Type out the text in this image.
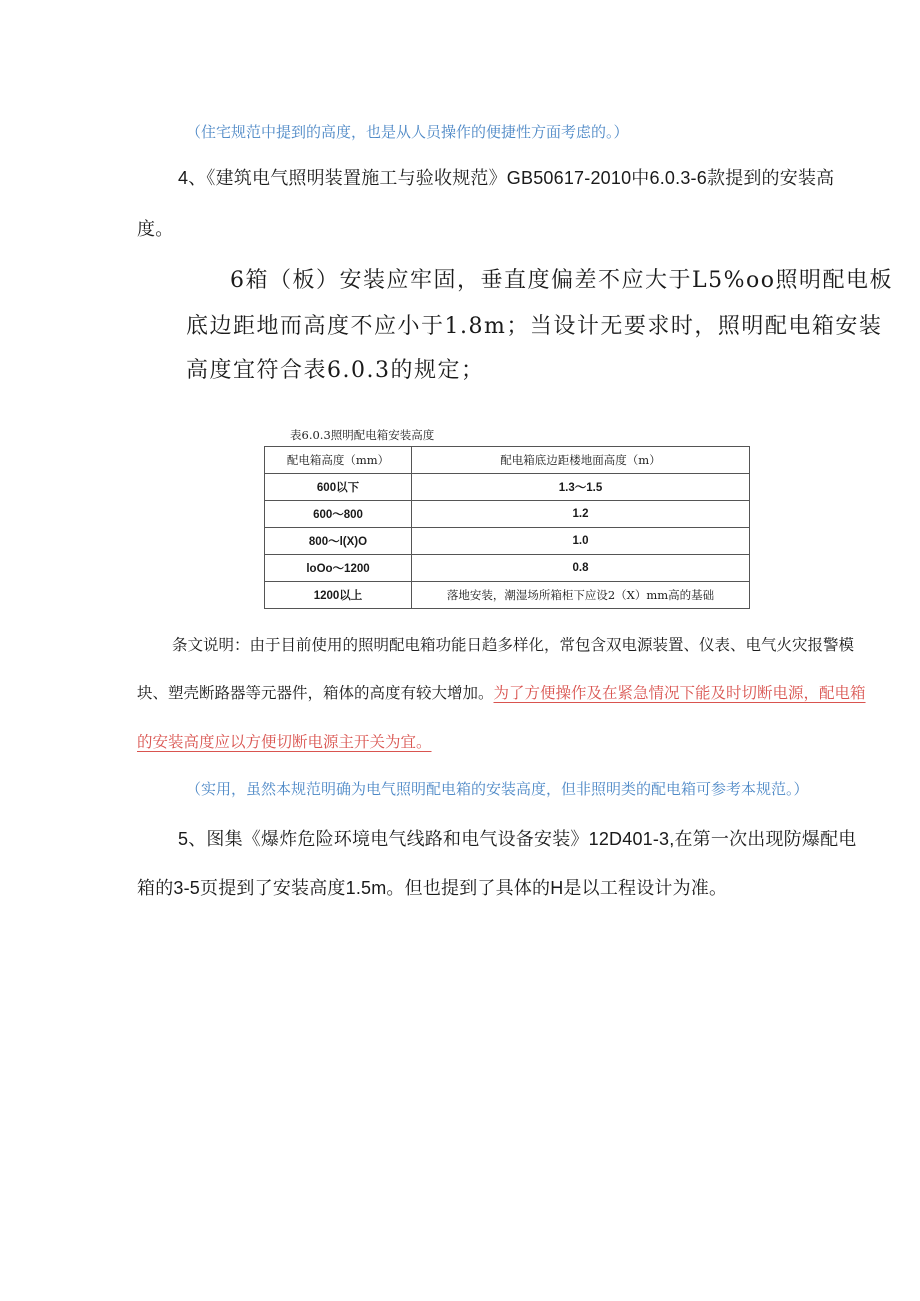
（住宅规范中提到的高度，也是从人员操作的便捷性方面考虑的。）
4、《建筑电气照明装置施工与验收规范》GB50617-2010中6.0.3-6款提到的安装高
度。
6箱（板）安装应牢固，垂直度偏差不应大于L5%oo照明配电板
底边距地而高度不应小于1.8m；当设计无要求时，照明配电箱安装
高度宜符合表6.0.3的规定；
表6.0.3照明配电箱安装高度
配电箱高度（mm）	配电箱底边距楼地面高度（m）
600以下	1.3～1.5
600～800	1.2
800～l(X)O	1.0
loOo～1200	0.8
1200以上	落地安装，潮湿场所箱柜下应设2（X）mm高的基础
条文说明：由于目前使用的照明配电箱功能日趋多样化，常包含双电源装置、仪表、电气火灾报警模
块、塑壳断路器等元器件，箱体的高度有较大增加。为了方便操作及在紧急情况下能及时切断电源，配电箱
的安装高度应以方便切断电源主开关为宜。
（实用，虽然本规范明确为电气照明配电箱的安装高度，但非照明类的配电箱可参考本规范。）
5、图集《爆炸危险环境电气线路和电气设备安装》12D401-3,在第一次出现防爆配电
箱的3-5页提到了安装高度1.5m。但也提到了具体的H是以工程设计为准。
